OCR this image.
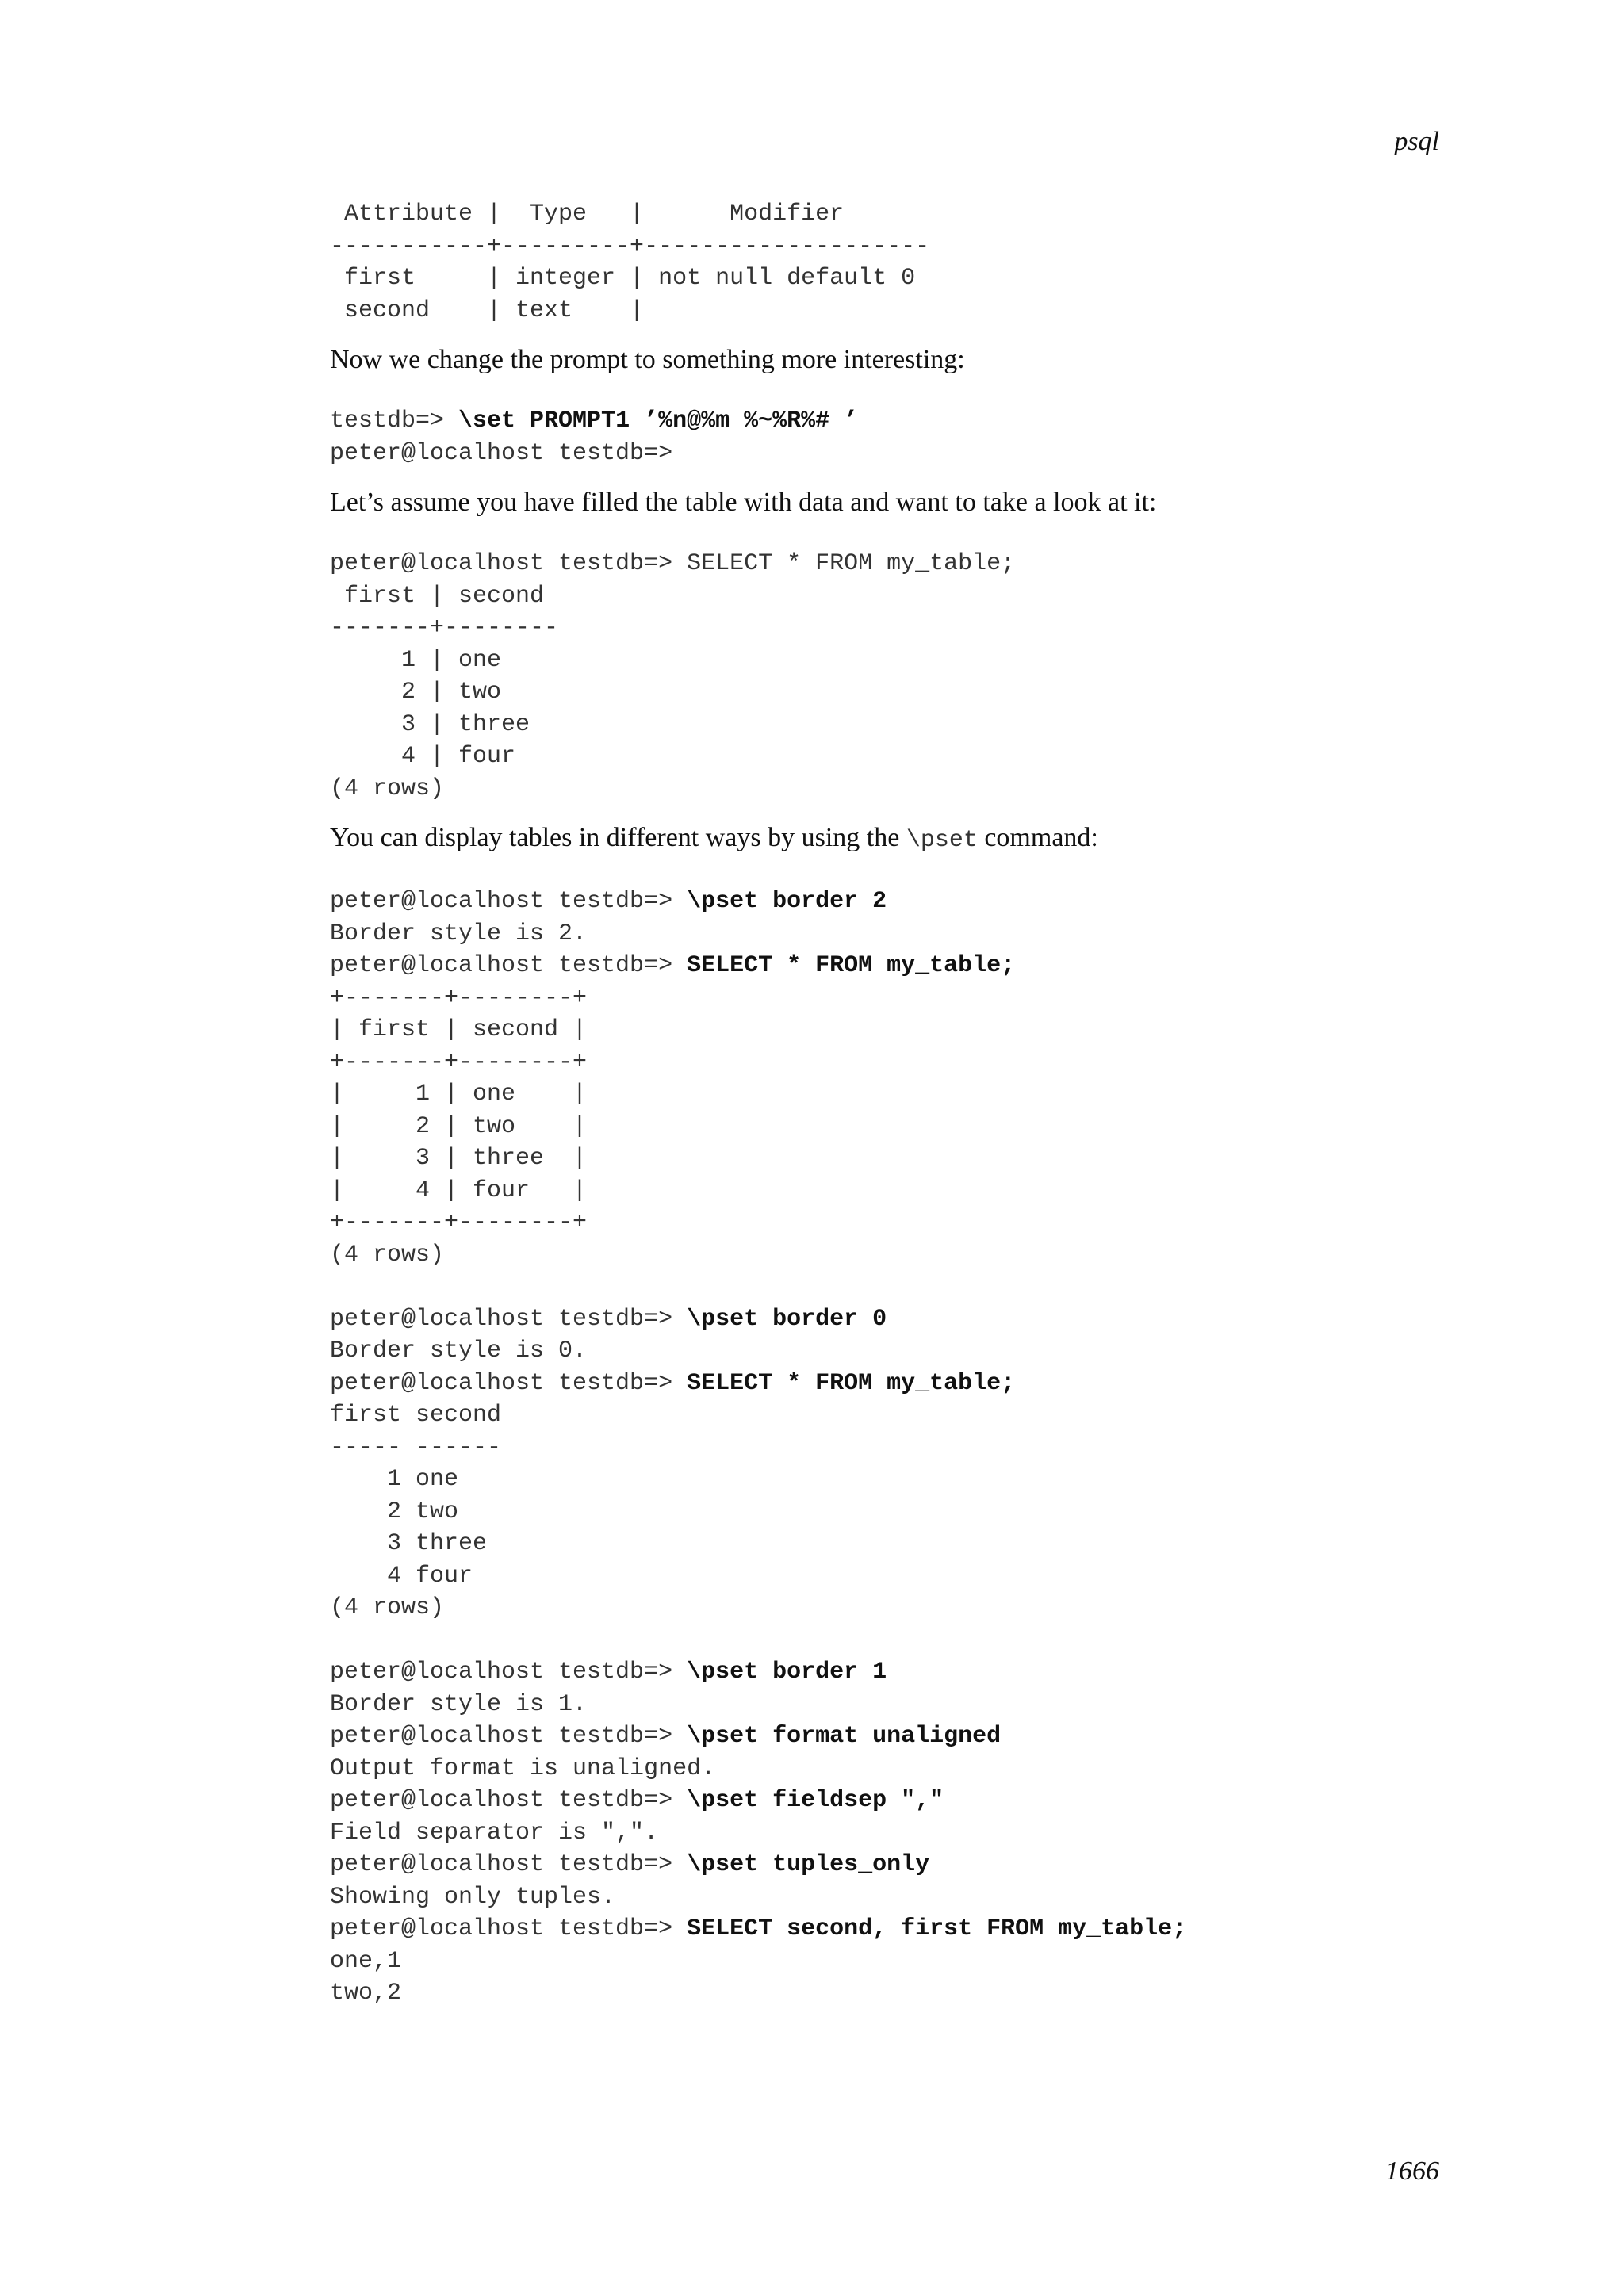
psql
Attribute |  Type   |      Modifier
-----------+---------+--------------------
first     | integer | not null default 0
second    | text    |

Now we change the prompt to something more interesting:

testdb=> \set PROMPT1 ’%n@%m %~%R%# ’
peter@localhost testdb=>

Let’s assume you have filled the table with data and want to take a look at it:

peter@localhost testdb=> SELECT * FROM my_table;
first | second
-------+--------
1 | one
2 | two
3 | three
4 | four
(4 rows)

You can display tables in different ways by using the \pset command:

peter@localhost testdb=> \pset border 2
Border style is 2.
peter@localhost testdb=> SELECT * FROM my_table;
+-------+--------+
| first | second |
+-------+--------+
|     1 | one    |
|     2 | two    |
|     3 | three  |
|     4 | four   |
+-------+--------+
(4 rows)
peter@localhost testdb=> \pset border 0
Border style is 0.
peter@localhost testdb=> SELECT * FROM my_table;
first second
----- ------
1 one
2 two
3 three
4 four
(4 rows)
peter@localhost testdb=> \pset border 1
Border style is 1.
peter@localhost testdb=> \pset format unaligned
Output format is unaligned.
peter@localhost testdb=> \pset fieldsep ","
Field separator is ",".
peter@localhost testdb=> \pset tuples_only
Showing only tuples.
peter@localhost testdb=> SELECT second, first FROM my_table;
one,1
two,2
1666
